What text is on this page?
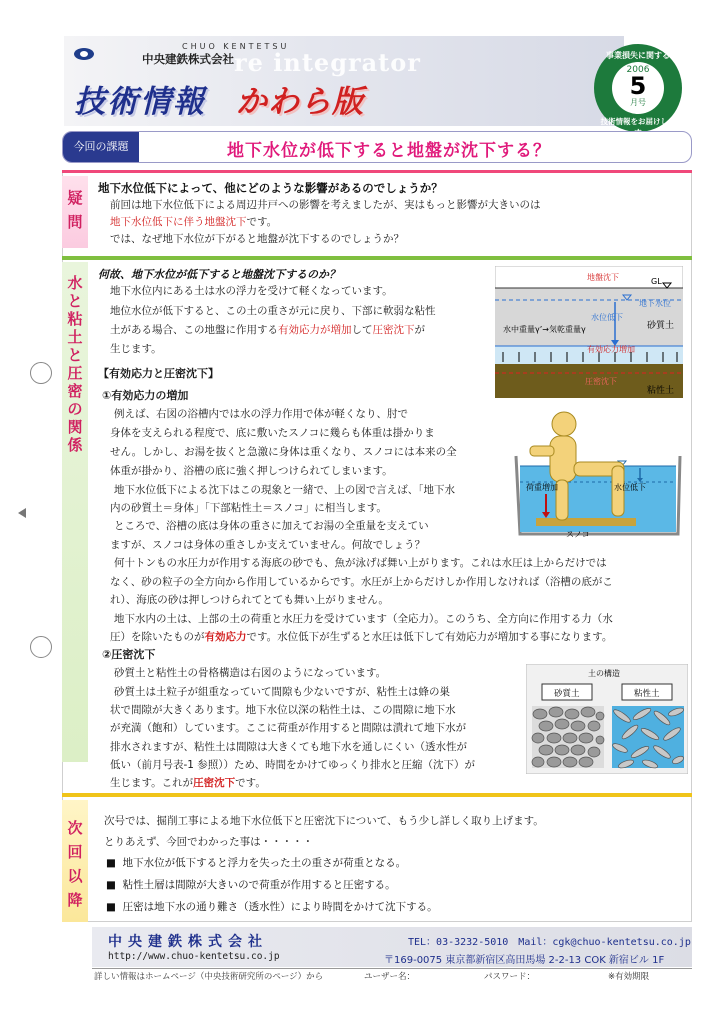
re integrator
CHUO KENTETSU
中央建鉄株式会社
技術情報 かわら版
事業損失に関する
2006
5
月号
技術情報をお届けしま
今回の課題	地下水位が低下すると地盤が沈下する？
疑
問
水
と
粘
土
と
圧
密
の
関
係
次
回
以
降
地下水位低下によって、他にどのような影響があるのでしょうか？
前回は地下水位低下による周辺井戸への影響を考えましたが、実はもっと影響が大きいのは
地下水位低下に伴う地盤沈下です。
では、なぜ地下水位が下がると地盤が沈下するのでしょうか？
何故、地下水位が低下すると地盤沈下するのか？
地下水位内にある土は水の浮力を受けて軽くなっています。
地位水位が低下すると、この土の重さが元に戻り、下部に軟弱な粘性
土がある場合、この地盤に作用する有効応力が増加して圧密沈下が
生じます。
地盤沈下	GL
地下水位
水位低下
水中重量γ’→気乾重量γ	砂質土
有効応力増加
圧密沈下
粘性土
【有効応力と圧密沈下】
①有効応力の増加
例えば、右図の浴槽内では水の浮力作用で体が軽くなり、肘で
身体を支えられる程度で、底に敷いたスノコに幾らも体重は掛かりま
せん。しかし、お湯を抜くと急激に身体は重くなり、スノコには本来の全
体重が掛かり、浴槽の底に強く押しつけられてしまいます。
地下水位低下による沈下はこの現象と一緒で、上の図で言えば、「地下水
内の砂質土＝身体」「下部粘性土＝スノコ」に相当します。
ところで、浴槽の底は身体の重さに加えてお湯の全重量を支えてい
ますが、スノコは身体の重さしか支えていません。何故でしょう？
何十トンもの水圧力が作用する海底の砂でも、魚が泳げば舞い上がります。これは水圧は上からだけでは
なく、砂の粒子の全方向から作用しているからです。水圧が上からだけしか作用しなければ（浴槽の底がこ
れ）、海底の砂は押しつけられてとても舞い上がりません。
地下水内の土は、上部の土の荷重と水圧力を受けています（全応力）。このうち、全方向に作用する力（水
圧）を除いたものが有効応力です。水位低下が生ずると水圧は低下して有効応力が増加する事になります。
荷重増加	水位低下
スノコ
②圧密沈下
砂質土と粘性土の骨格構造は右図のようになっています。
砂質土は土粒子が組重なっていて間隙も少ないですが、粘性土は蜂の巣
状で間隙が大きくあります。地下水位以深の粘性土は、この間隙に地下水
が充満（飽和）しています。ここに荷重が作用すると間隙は潰れて地下水が
排水されますが、粘性土は間隙は大きくても地下水を通しにくい（透水性が
低い（前月号表-1 参照））ため、時間をかけてゆっくり排水と圧縮（沈下）が
生じます。これが圧密沈下です。
土の構造
砂質土	粘性土
次号では、掘削工事による地下水位低下と圧密沈下について、もう少し詳しく取り上げます。
とりあえず、今回でわかった事は・・・・・
■  地下水位が低下すると浮力を失った土の重さが荷重となる。
■  粘性土層は間隙が大きいので荷重が作用すると圧密する。
■  圧密は地下水の通り難さ（透水性）により時間をかけて沈下する。
中央建鉄株式会社
http://www.chuo-kentetsu.co.jp
TEL：03-3232-5010　Mail：cgk@chuo-kentetsu.co.jp
〒169-0075 東京都新宿区高田馬場 2-2-13 COK 新宿ビル 1F
詳しい情報はホームページ（中央技術研究所のページ）から	ユーザー名：	パスワード：	※有効期限
